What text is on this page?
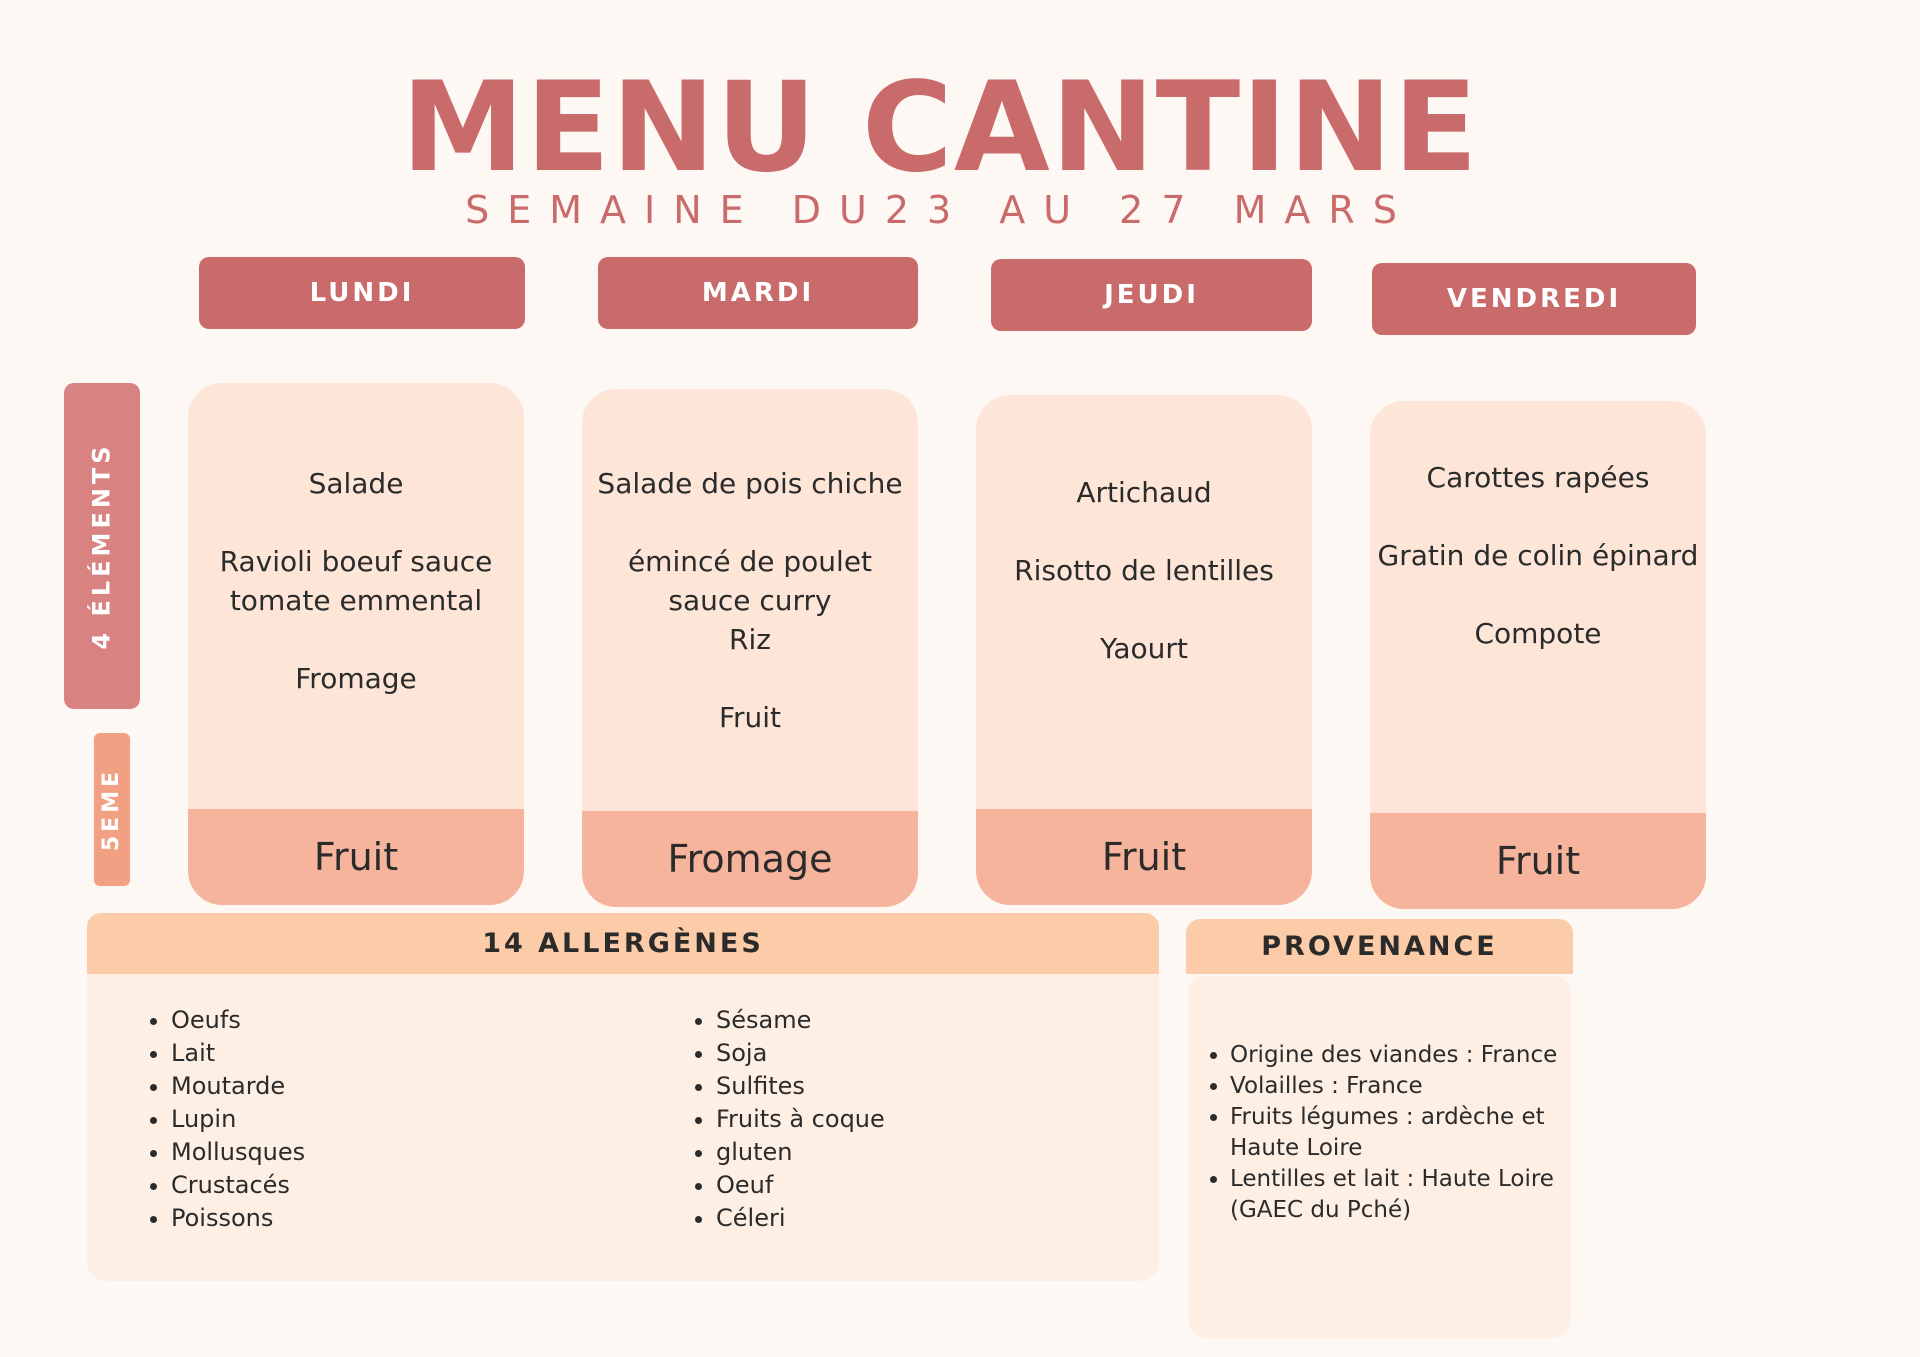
MENU CANTINE
SEMAINE DU23 AU 27 MARS
LUNDI	MARDI	JEUDI	VENDREDI
4 ÉLÉMENTS
5EME
Salade
Ravioli boeuf sauce
tomate emmental
Fromage
Fruit
Salade de pois chiche
émincé de poulet
sauce curry
Riz
Fruit
Fromage
Artichaud
Risotto de lentilles
Yaourt
Fruit
Carottes rapées
Gratin de colin épinard
Compote
Fruit
14 ALLERGÈNES
• Oeufs
• Lait
• Moutarde
• Lupin
• Mollusques
• Crustacés
• Poissons
• Sésame
• Soja
• Sulfites
• Fruits à coque
• gluten
• Oeuf
• Céleri
PROVENANCE
• Origine des viandes : France
• Volailles : France
• Fruits légumes : ardèche et Haute Loire
• Lentilles et lait : Haute Loire (GAEC du Pché)
